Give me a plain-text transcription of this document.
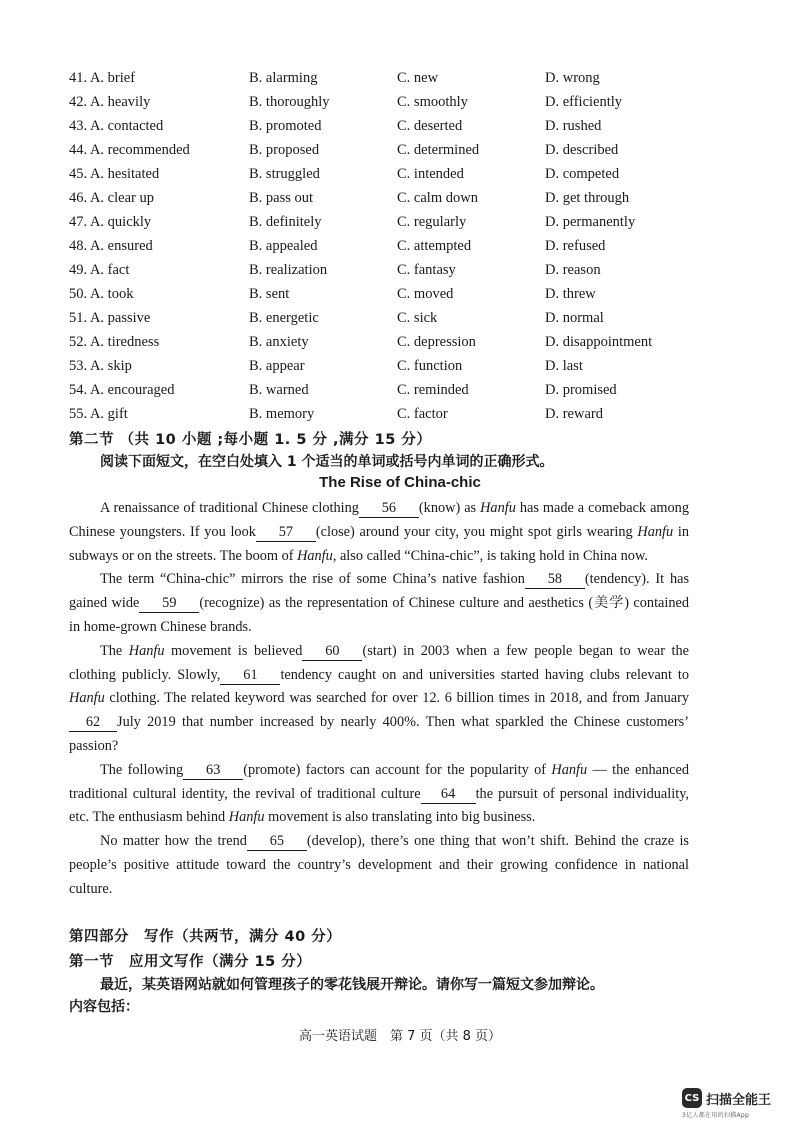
41. A. brief	B. alarming	C. new	D. wrong
42. A. heavily	B. thoroughly	C. smoothly	D. efficiently
43. A. contacted	B. promoted	C. deserted	D. rushed
44. A. recommended	B. proposed	C. determined	D. described
45. A. hesitated	B. struggled	C. intended	D. competed
46. A. clear up	B. pass out	C. calm down	D. get through
47. A. quickly	B. definitely	C. regularly	D. permanently
48. A. ensured	B. appealed	C. attempted	D. refused
49. A. fact	B. realization	C. fantasy	D. reason
50. A. took	B. sent	C. moved	D. threw
51. A. passive	B. energetic	C. sick	D. normal
52. A. tiredness	B. anxiety	C. depression	D. disappointment
53. A. skip	B. appear	C. function	D. last
54. A. encouraged	B. warned	C. reminded	D. promised
55. A. gift	B. memory	C. factor	D. reward
第二节 （共 10 小题 ;每小题 1. 5 分 ,满分 15 分）
阅读下面短文，在空白处填入 1 个适当的单词或括号内单词的正确形式。
The Rise of China-chic

A renaissance of traditional Chinese clothing 56 (know) as Hanfu has made a comeback among Chinese youngsters. If you look 57 (close) around your city, you might spot girls wearing Hanfu in subways or on the streets. The boom of Hanfu, also called “China-chic”, is taking hold in China now.

The term “China-chic” mirrors the rise of some China’s native fashion 58 (tendency). It has gained wide 59 (recognize) as the representation of Chinese culture and aesthetics (美学) contained in home-grown Chinese brands.

The Hanfu movement is believed 60 (start) in 2003 when a few people began to wear the clothing publicly. Slowly, 61 tendency caught on and universities started having clubs relevant to Hanfu clothing. The related keyword was searched for over 12. 6 billion times in 2018, and from January 62 July 2019 that number increased by nearly 400%. Then what sparkled the Chinese customers’ passion?

The following 63 (promote) factors can account for the popularity of Hanfu — the enhanced traditional cultural identity, the revival of traditional culture 64 the pursuit of personal individuality, etc. The enthusiasm behind Hanfu movement is also translating into big business.

No matter how the trend 65 (develop), there’s one thing that won’t shift. Behind the craze is people’s positive attitude toward the country’s development and their growing confidence in national culture.

第四部分　写作（共两节，满分 40 分）
第一节　应用文写作（满分 15 分）
最近，某英语网站就如何管理孩子的零花钱展开辩论。请你写一篇短文参加辩论。
内容包括：
高一英语试题　第 7 页（共 8 页）
CS 扫描全能王
3亿人都在用的扫描App
